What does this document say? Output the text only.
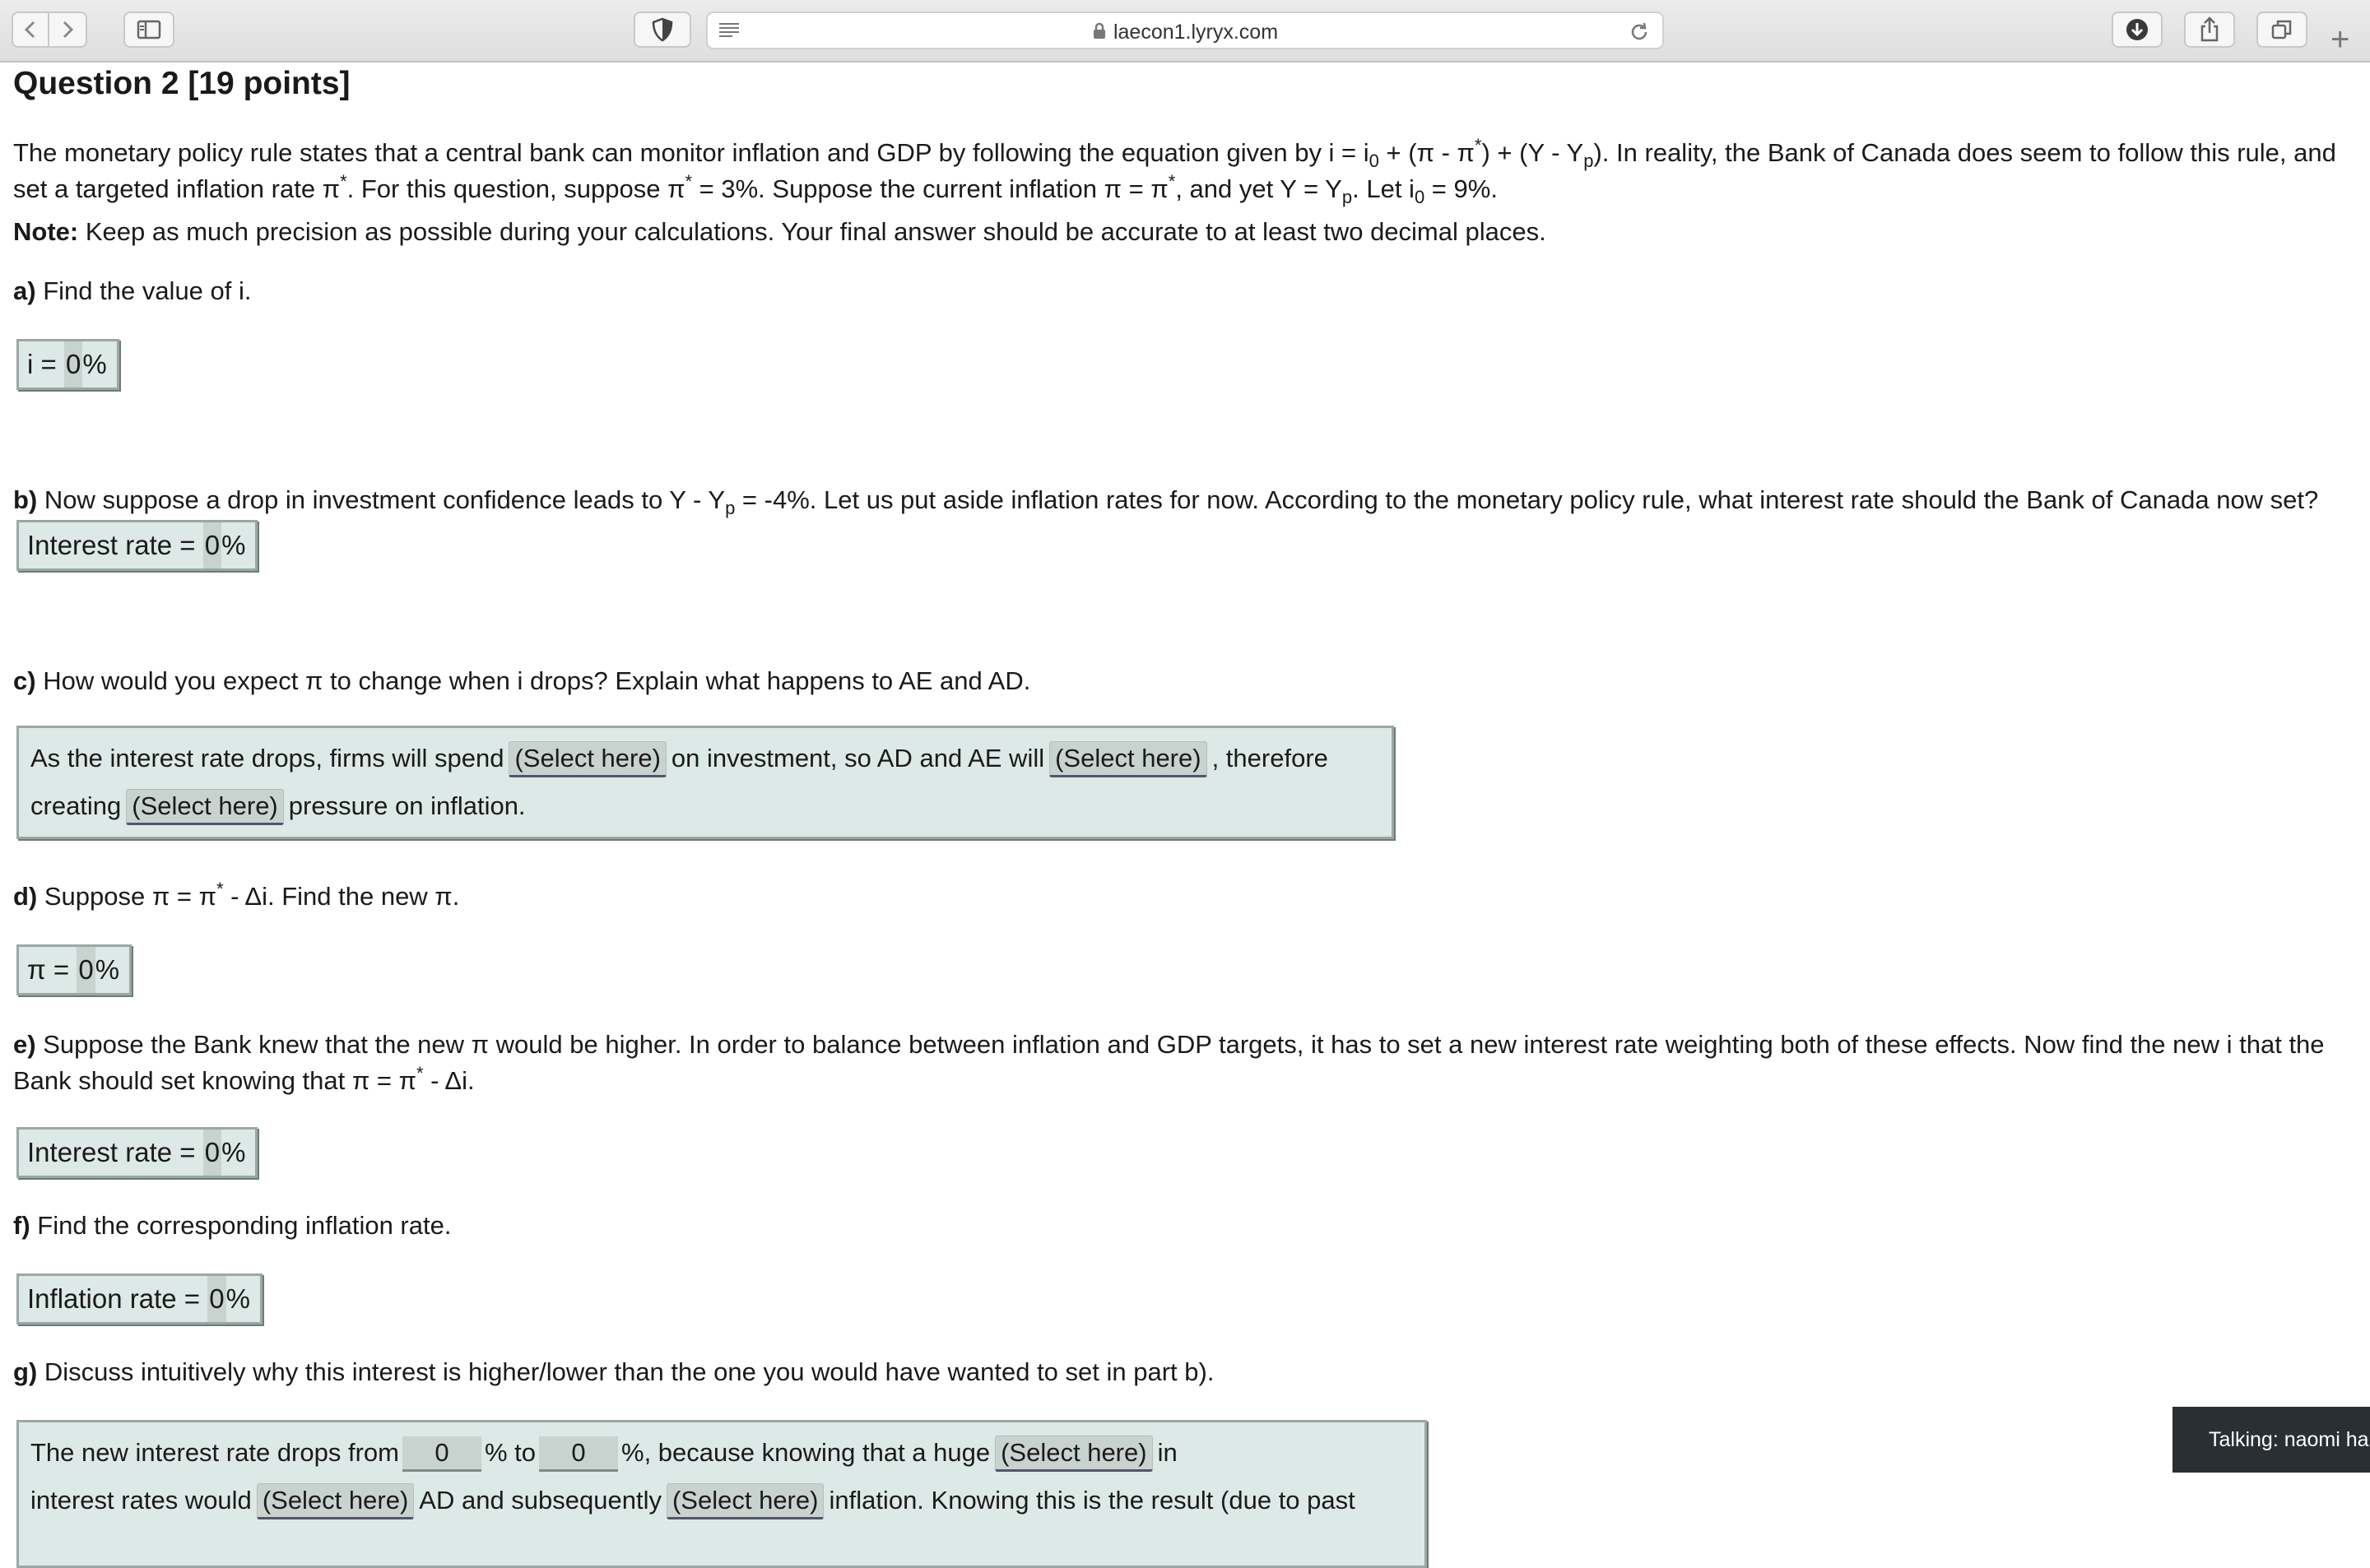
laecon1.lyryx.com	+
Question 2 [19 points]

The monetary policy rule states that a central bank can monitor inflation and GDP by following the equation given by $i = i_0 + (\pi - \pi^*) + (Y - Y_p)$. In reality, the Bank of Canada does seem to follow this rule, and set a targeted inflation rate π*. For this question, suppose π* = 3%. Suppose the current inflation π = π*, and yet $Y = Y_p$. Let $i_0 = 9\%$.

Note: Keep as much precision as possible during your calculations. Your final answer should be accurate to at least two decimal places.

a) Find the value of i.

i = 0%

b) Now suppose a drop in investment confidence leads to $Y - Y_p = -4\%$. Let us put aside inflation rates for now. According to the monetary policy rule, what interest rate should the Bank of Canada now set?

Interest rate = 0%

c) How would you expect π to change when i drops? Explain what happens to AE and AD.

As the interest rate drops, firms will spend (Select here) on investment, so AD and AE will (Select here) , therefore
creating (Select here) pressure on inflation.

d) Suppose π = π* - Δi. Find the new π.

π = 0%

e) Suppose the Bank knew that the new π would be higher. In order to balance between inflation and GDP targets, it has to set a new interest rate weighting both of these effects. Now find the new i that the Bank should set knowing that π = π* - Δi.

Interest rate = 0%

f) Find the corresponding inflation rate.

Inflation rate = 0%

g) Discuss intuitively why this interest is higher/lower than the one you would have wanted to set in part b).

The new interest rate drops from 0 % to 0 %, because knowing that a huge (Select here) in
interest rates would (Select here) AD and subsequently (Select here) inflation. Knowing this is the result (due to past
Talking: naomi ha
